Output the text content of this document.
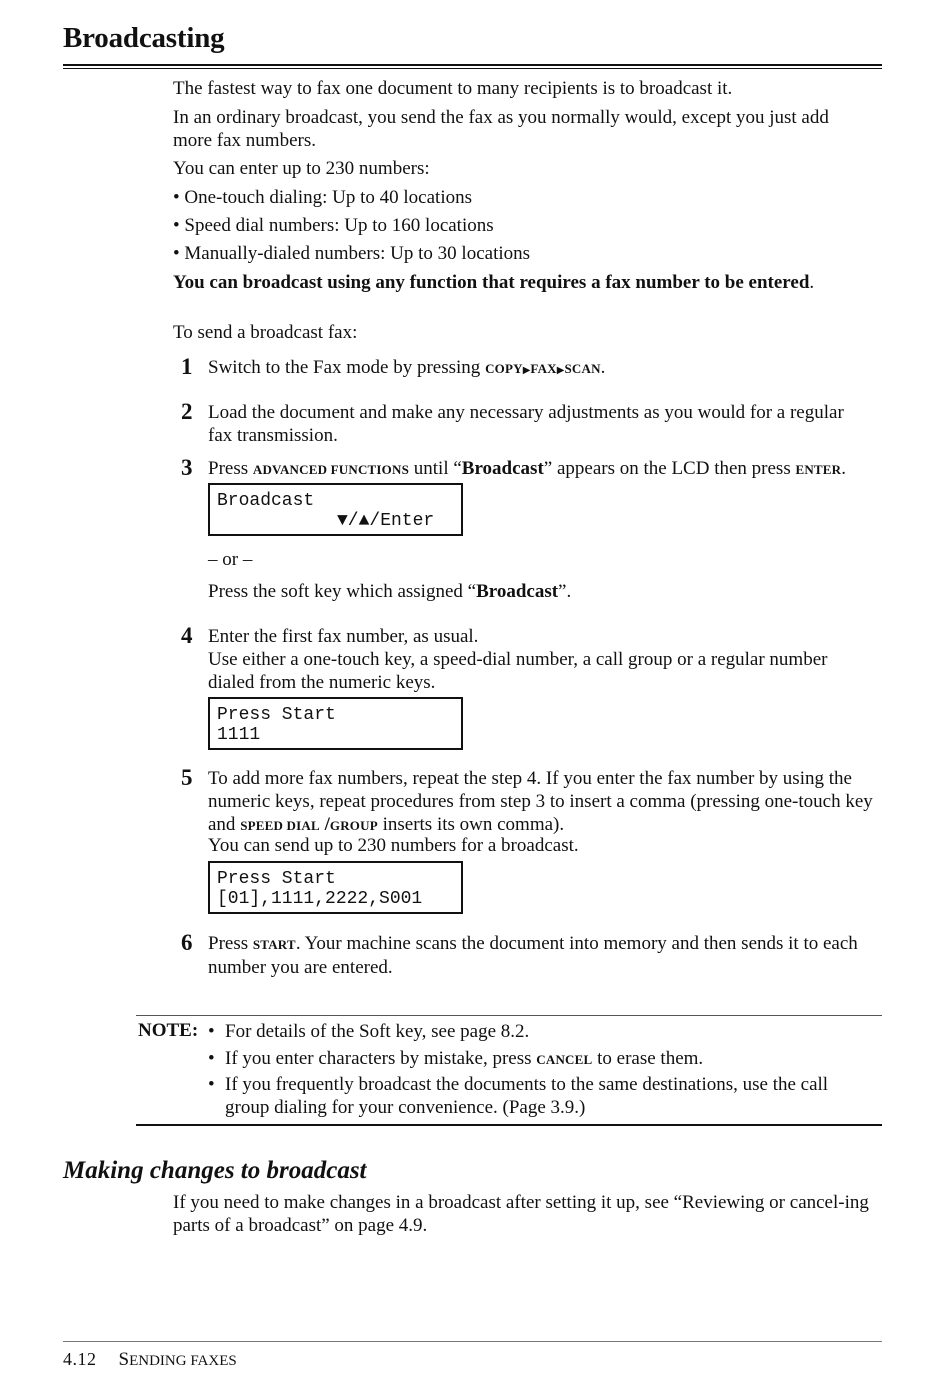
Broadcasting
The fastest way to fax one document to many recipients is to broadcast it.
In an ordinary broadcast, you send the fax as you normally would, except you just add more fax numbers.
You can enter up to 230 numbers:
• One-touch dialing: Up to 40 locations
• Speed dial numbers: Up to 160 locations
• Manually-dialed numbers: Up to 30 locations
You can broadcast using any function that requires a fax number to be entered.
To send a broadcast fax:
1 Switch to the Fax mode by pressing COPY▶FAX▶SCAN.
2 Load the document and make any necessary adjustments as you would for a regular fax transmission.
3 Press ADVANCED FUNCTIONS until “Broadcast” appears on the LCD then press ENTER.
Broadcast
▼/▲/Enter
– or –
Press the soft key which assigned “Broadcast”.
4 Enter the first fax number, as usual.
Use either a one-touch key, a speed-dial number, a call group or a regular number dialed from the numeric keys.
Press Start
1111
5 To add more fax numbers, repeat the step 4. If you enter the fax number by using the numeric keys, repeat procedures from step 3 to insert a comma (pressing one-touch key and SPEED DIAL /GROUP inserts its own comma).
You can send up to 230 numbers for a broadcast.
Press Start
[01],1111,2222,S001
6 Press START. Your machine scans the document into memory and then sends it to each number you are entered.
NOTE: • For details of the Soft key, see page 8.2.
• If you enter characters by mistake, press CANCEL to erase them.
• If you frequently broadcast the documents to the same destinations, use the call group dialing for your convenience. (Page 3.9.)
Making changes to broadcast
If you need to make changes in a broadcast after setting it up, see “Reviewing or cancel-ing parts of a broadcast” on page 4.9.
4.12 SENDING FAXES
